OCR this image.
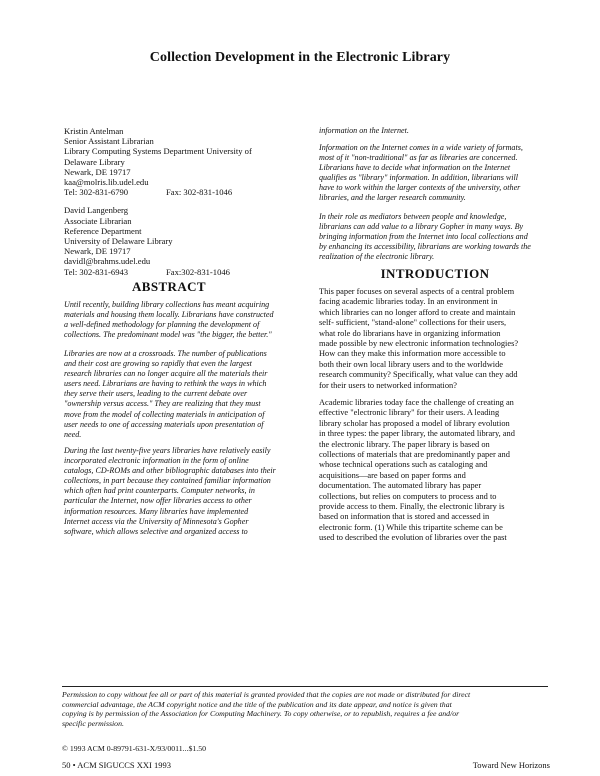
Collection Development in the Electronic Library
Kristin Antelman
Senior Assistant Librarian
Library Computing Systems Department University of
Delaware Library
Newark, DE 19717
kaa@molris.lib.udel.edu
Tel: 302-831-6790	Fax: 302-831-1046
David Langenberg
Associate Librarian
Reference Department
University of Delaware Library
Newark, DE 19717
davidl@brahms.udel.edu
Tel: 302-831-6943	Fax:302-831-1046
ABSTRACT
Until recently, building library collections has meant acquiring
materials and housing them locally. Librarians have constructed
a well-defined methodology for planning the development of
collections. The predominant model was "the bigger, the better."
Libraries are now at a crossroads. The number of publications
and their cost are growing so rapidly that even the largest
research libraries can no longer acquire all the materials their
users need. Librarians are having to rethink the ways in which
they serve their users, leading to the current debate over
"ownership versus access." They are realizing that they must
move from the model of collecting materials in anticipation of
user needs to one of accessing materials upon presentation of
need.
During the last twenty-five years libraries have relatively easily
incorporated electronic information in the form of online
catalogs, CD-ROMs and other bibliographic databases into their
collections, in part because they contained familiar information
which often had print counterparts. Computer networks, in
particular the Internet, now offer libraries access to other
information resources. Many libraries have implemented
Internet access via the University of Minnesota's Gopher
software, which allows selective and organized access to
information on the Internet.
Information on the Internet comes in a wide variety of formats,
most of it "non-traditional" as far as libraries are concerned.
Librarians have to decide what information on the Internet
qualifies as "library" information. In addition, librarians will
have to work within the larger contexts of the university, other
libraries, and the larger research community.
In their role as mediators between people and knowledge,
librarians can add value to a library Gopher in many ways. By
bringing information from the Internet into local collections and
by enhancing its accessibility, librarians are working towards the
realization of the electronic library.
INTRODUCTION
This paper focuses on several aspects of a central problem
facing academic libraries today. In an environment in
which libraries can no longer afford to create and maintain
self- sufficient, "stand-alone" collections for their users,
what role do librarians have in organizing information
made possible by new electronic information technologies?
How can they make this information more accessible to
both their own local library users and to the worldwide
research community? Specifically, what value can they add
for their users to networked information?
Academic libraries today face the challenge of creating an
effective "electronic library" for their users. A leading
library scholar has proposed a model of library evolution
in three types: the paper library, the automated library, and
the electronic library. The paper library is based on
collections of materials that are predominantly paper and
whose technical operations such as cataloging and
acquisitions—are based on paper forms and
documentation. The automated library has paper
collections, but relies on computers to process and to
provide access to them. Finally, the electronic library is
based on information that is stored and accessed in
electronic form. (1) While this tripartite scheme can be
used to described the evolution of libraries over the past
Permission to copy without fee all or part of this material is granted provided that the copies are not made or distributed for direct
commercial advantage, the ACM copyright notice and the title of the publication and its date appear, and notice is given that
copying is by permission of the Association for Computing Machinery. To copy otherwise, or to republish, requires a fee and/or
specific permission.
© 1993 ACM 0-89791-631-X/93/0011...$1.50
50 • ACM SIGUCCS XXI 1993	Toward New Horizons
